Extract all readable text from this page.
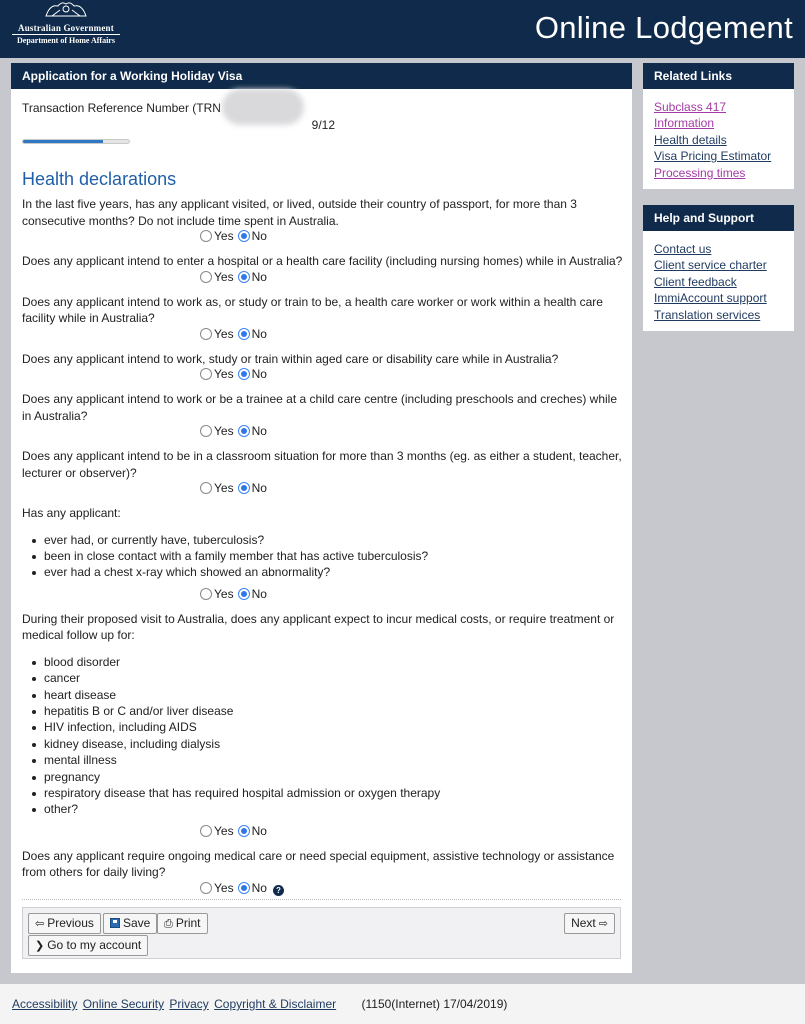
Australian Government
Department of Home Affairs	Online Lodgement
Application for a Working Holiday Visa
Transaction Reference Number (TRN
9/12
Health declarations
In the last five years, has any applicant visited, or lived, outside their country of passport, for more than 3 consecutive months? Do not include time spent in Australia.
Yes No
Does any applicant intend to enter a hospital or a health care facility (including nursing homes) while in Australia?
Yes No
Does any applicant intend to work as, or study or train to be, a health care worker or work within a health care facility while in Australia?
Yes No
Does any applicant intend to work, study or train within aged care or disability care while in Australia?
Yes No
Does any applicant intend to work or be a trainee at a child care centre (including preschools and creches) while in Australia?
Yes No
Does any applicant intend to be in a classroom situation for more than 3 months (eg. as either a student, teacher, lecturer or observer)?
Yes No
Has any applicant:
ever had, or currently have, tuberculosis?
been in close contact with a family member that has active tuberculosis?
ever had a chest x-ray which showed an abnormality?
Yes No
During their proposed visit to Australia, does any applicant expect to incur medical costs, or require treatment or medical follow up for:
blood disorder
cancer
heart disease
hepatitis B or C and/or liver disease
HIV infection, including AIDS
kidney disease, including dialysis
mental illness
pregnancy
respiratory disease that has required hospital admission or oxygen therapy
other?
Yes No
Does any applicant require ongoing medical care or need special equipment, assistive technology or assistance from others for daily living?
Yes No ?
⇦ Previous	Save	⎙ Print	Next ⇨
❯ Go to my account
Related Links
Subclass 417
Information
Health details
Visa Pricing Estimator
Processing times
Help and Support
Contact us
Client service charter
Client feedback
ImmiAccount support
Translation services
Accessibility Online Security Privacy Copyright & Disclaimer (1150(Internet) 17/04/2019)
